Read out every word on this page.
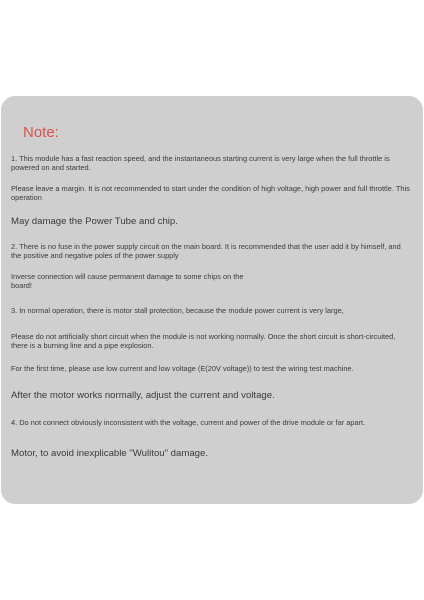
Note:

1. This module has a fast reaction speed, and the instantaneous starting current is very large when the full throttle is powered on and started.

Please leave a margin. It is not recommended to start under the condition of high voltage, high power and full throttle. This operation

May damage the Power Tube and chip.

2. There is no fuse in the power supply circuit on the main board. It is recommended that the user add it by himself, and the positive and negative poles of the power supply

Inverse connection will cause permanent damage to some chips on the board!

3. In normal operation, there is motor stall protection, because the module power current is very large,

Please do not artificially short circuit when the module is not working normally. Once the short circuit is short-circuited, there is a burning line and a pipe explosion.

For the first time, please use low current and low voltage (E(20V voltage)) to test the wiring test machine.

After the motor works normally, adjust the current and voltage.

4. Do not connect obviously inconsistent with the voltage, current and power of the drive module or far apart.

Motor, to avoid inexplicable "Wulitou" damage.
